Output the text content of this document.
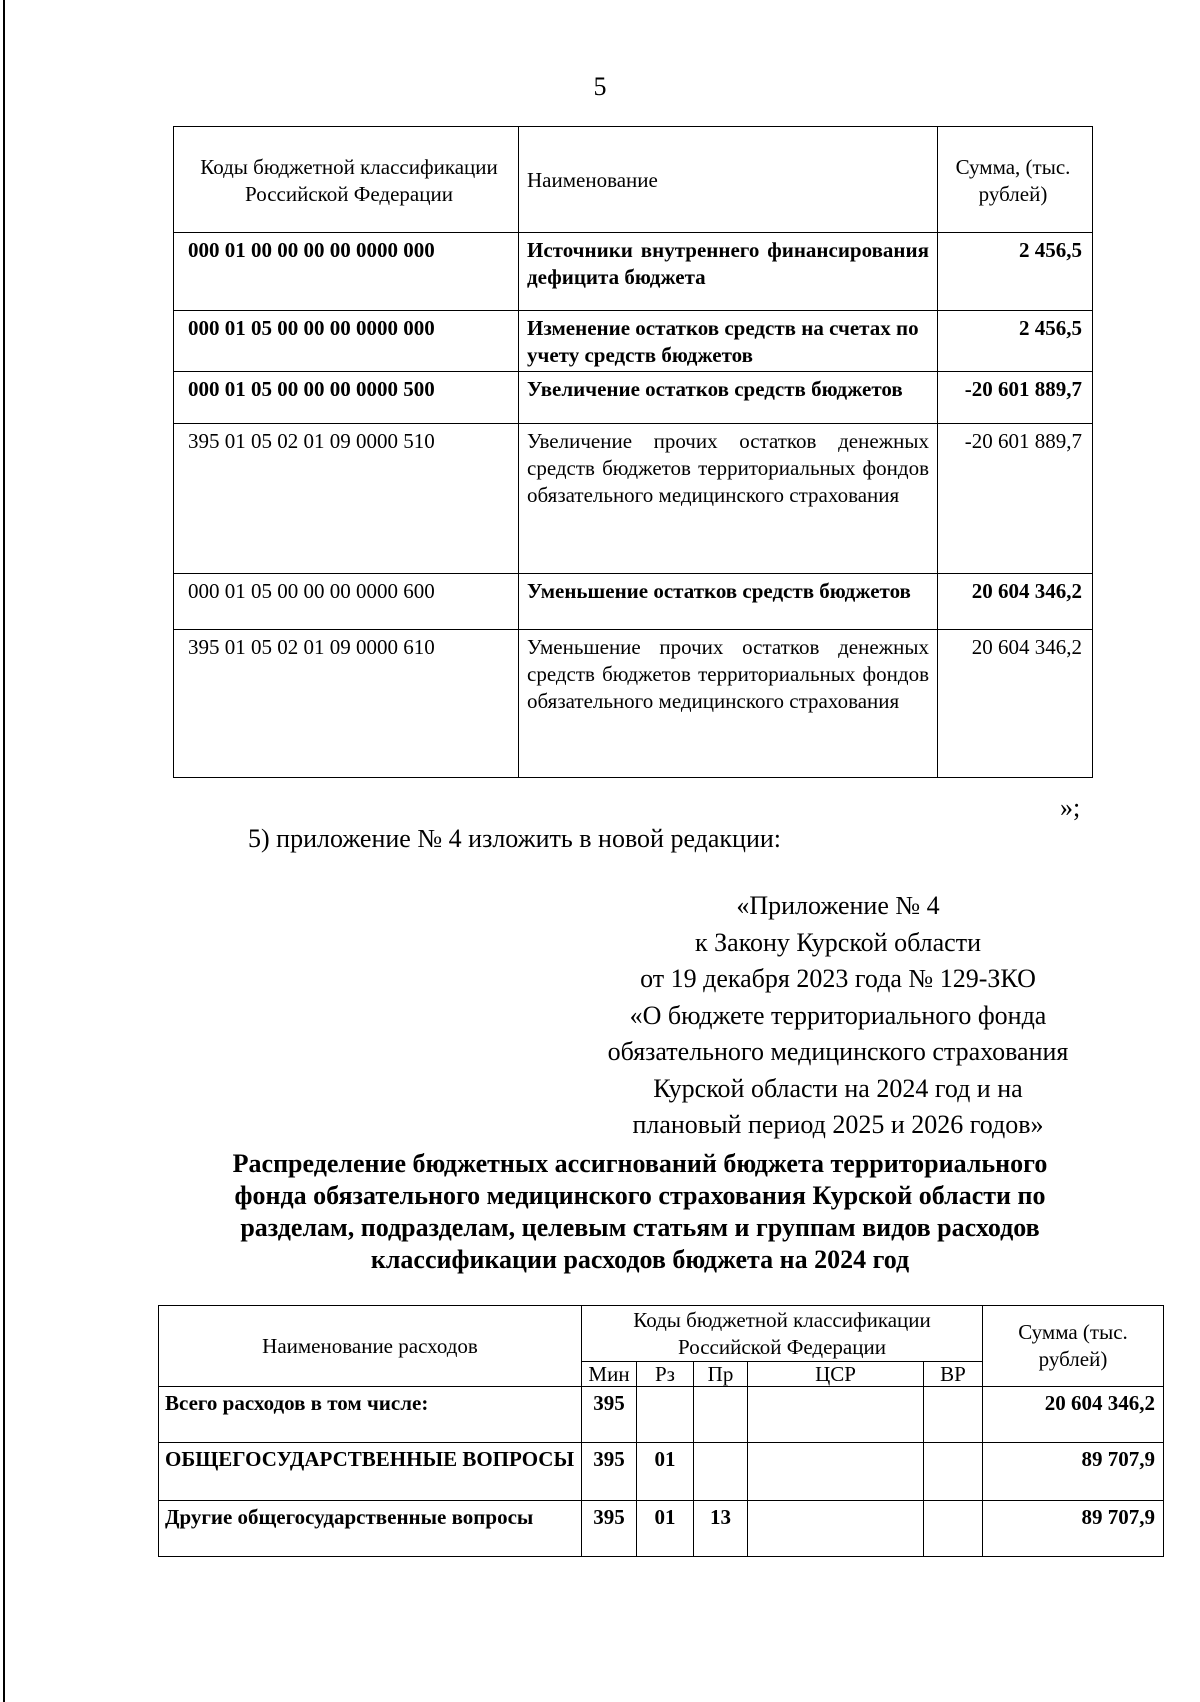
5
Коды бюджетной классификации Российской Федерации	Наименование	Сумма, (тыс. рублей)
000 01 00 00 00 00 0000 000	Источники внутреннего финансирования дефицита бюджета	2 456,5
000 01 05 00 00 00 0000 000	Изменение остатков средств на счетах по учету средств бюджетов	2 456,5
000 01 05 00 00 00 0000 500	Увеличение остатков средств бюджетов	-20 601 889,7
395 01 05 02 01 09 0000 510	Увеличение прочих остатков денежных средств бюджетов территориальных фондов обязательного медицинского страхования	-20 601 889,7
000 01 05 00 00 00 0000 600	Уменьшение остатков средств бюджетов	20 604 346,2
395 01 05 02 01 09 0000 610	Уменьшение прочих остатков денежных средств бюджетов территориальных фондов обязательного медицинского страхования	20 604 346,2
»;
5) приложение № 4 изложить в новой редакции:
«Приложение № 4
к Закону Курской области
от 19 декабря 2023 года № 129-ЗКО
«О бюджете территориального фонда
обязательного медицинского страхования
Курской области на 2024 год и на
плановый период 2025 и 2026 годов»
Распределение бюджетных ассигнований бюджета территориального
фонда обязательного медицинского страхования Курской области по
разделам, подразделам, целевым статьям и группам видов расходов
классификации расходов бюджета на 2024 год
Наименование расходов	Коды бюджетной классификации Российской Федерации					Сумма (тыс. рублей)
	Мин	Рз	Пр	ЦСР	ВР	
Всего расходов в том числе:	395					20 604 346,2
ОБЩЕГОСУДАРСТВЕННЫЕ ВОПРОСЫ	395	01				89 707,9
Другие общегосударственные вопросы	395	01	13			89 707,9
